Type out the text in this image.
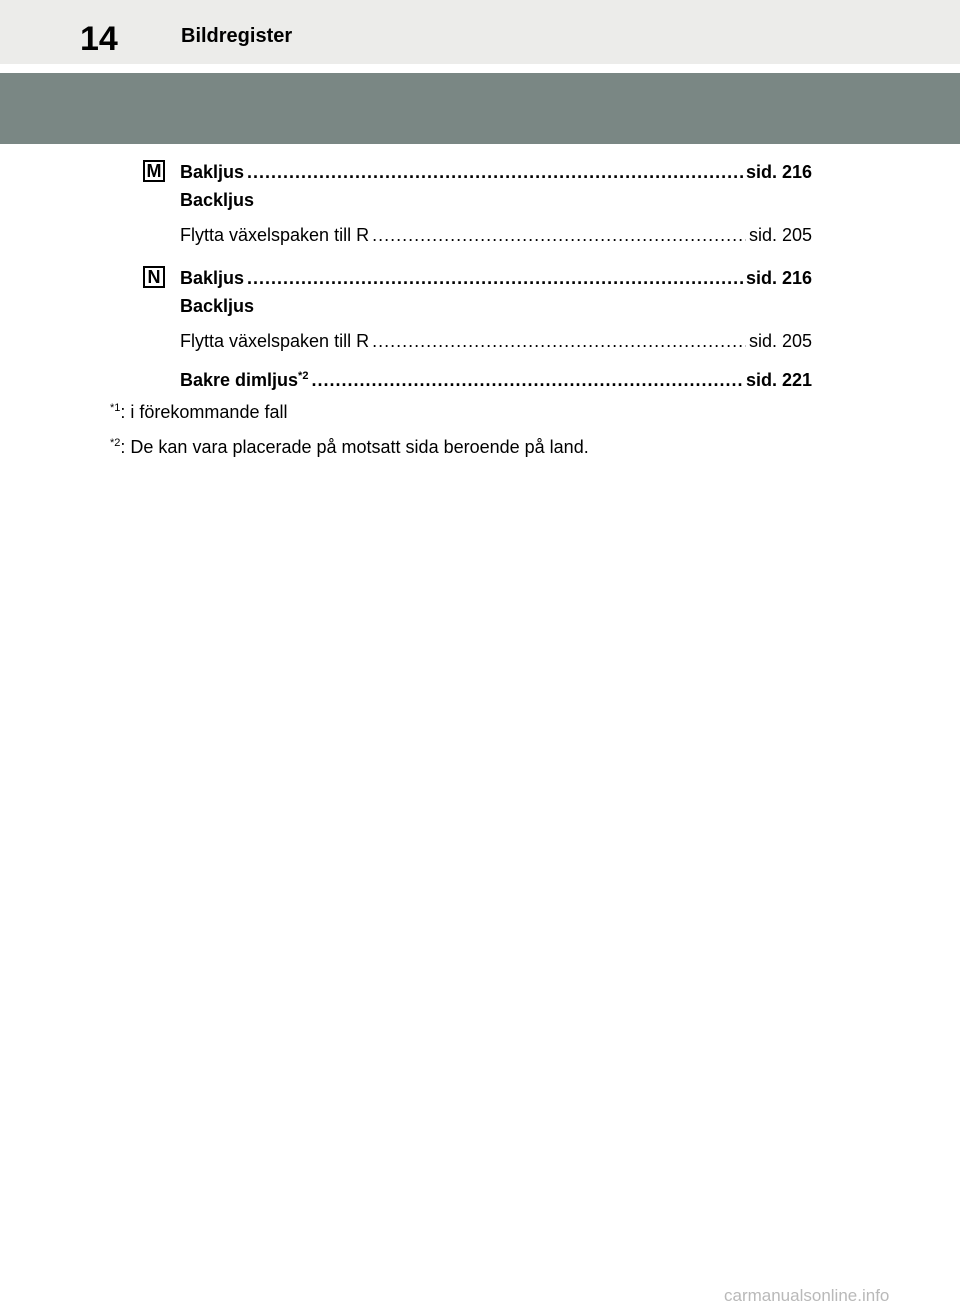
14	Bildregister
M Bakljus .....	sid. 216
Backljus
Flytta växelspaken till R .....	sid. 205
N Bakljus .....	sid. 216
Backljus
Flytta växelspaken till R .....	sid. 205
Bakre dimljus$^{*2}$ .....	sid. 221
$^{*1}$: i förekommande fall
$^{*2}$: De kan vara placerade på motsatt sida beroende på land.
carmanualsonline.info
